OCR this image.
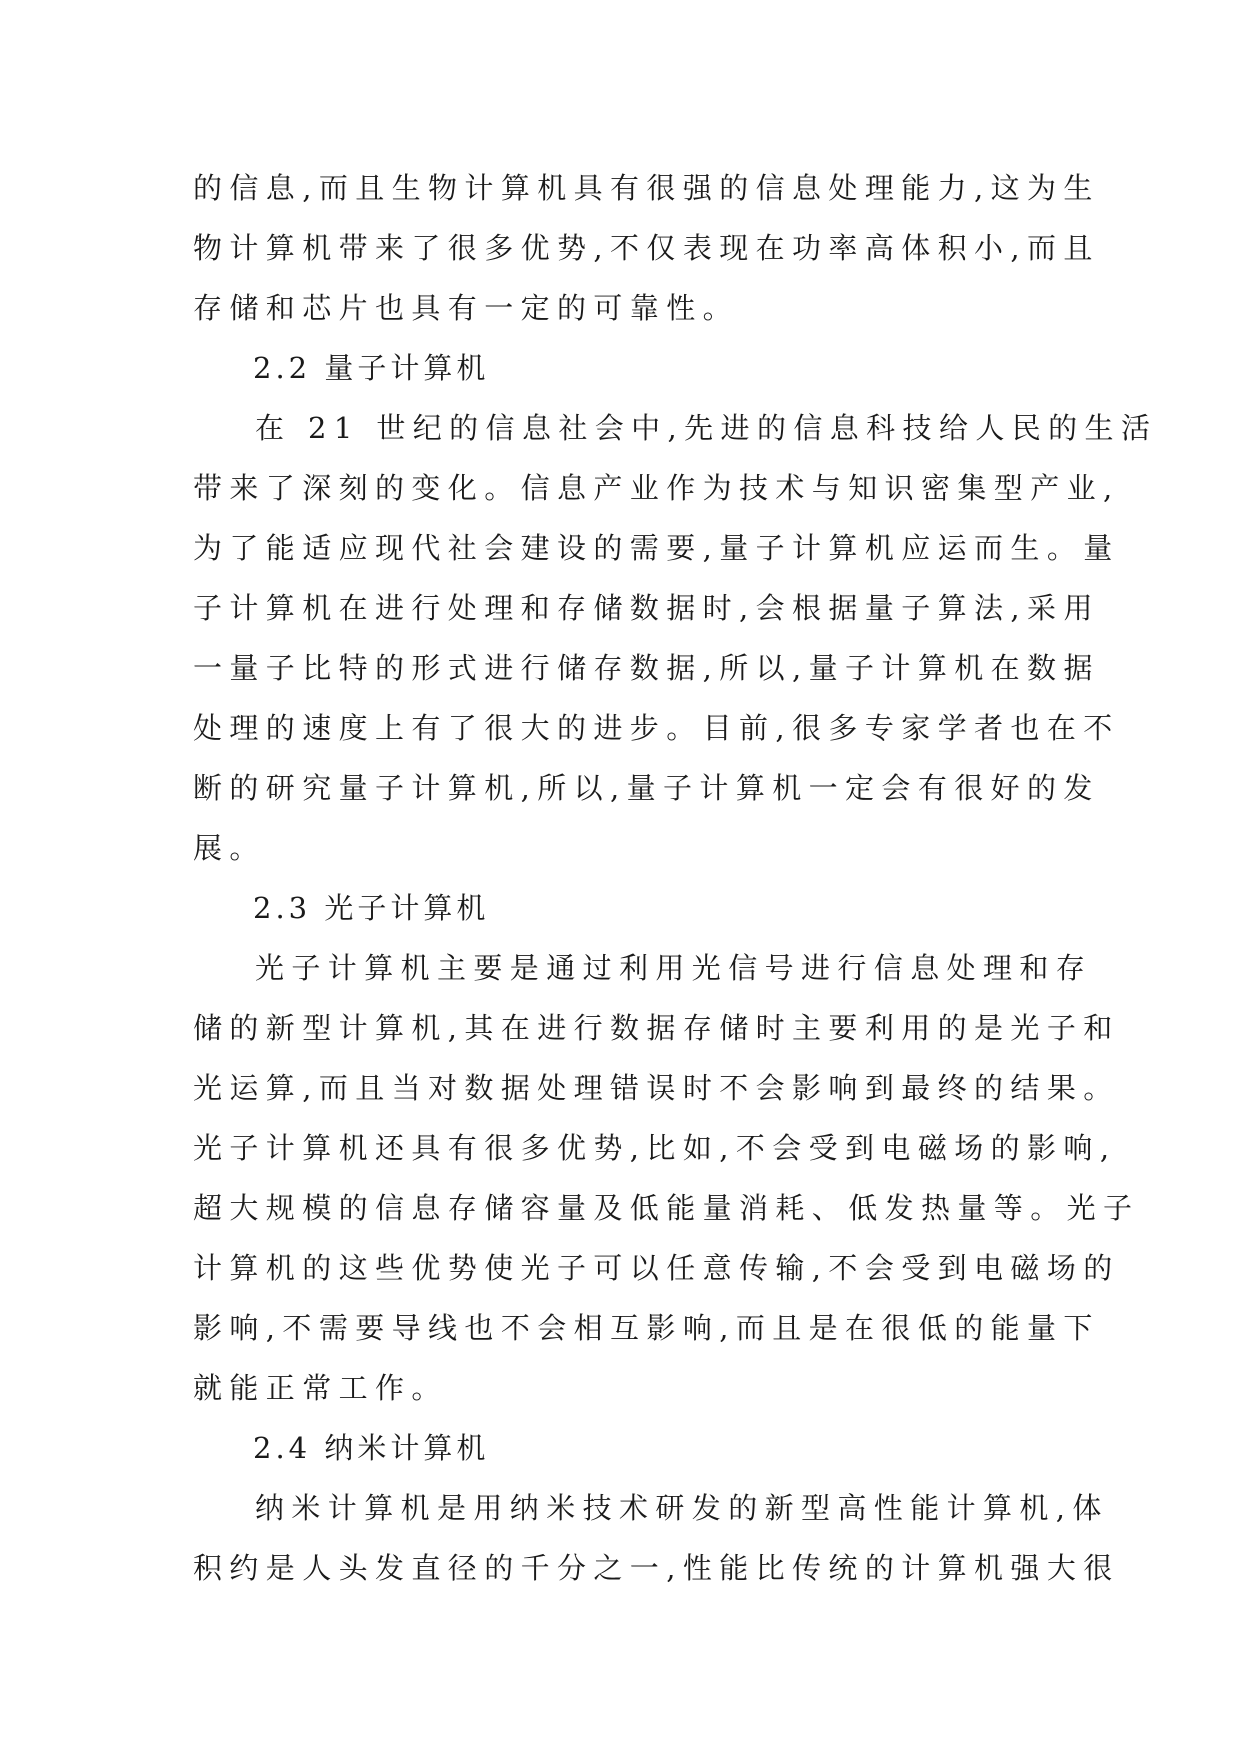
的信息,而且生物计算机具有很强的信息处理能力,这为生
物计算机带来了很多优势,不仅表现在功率高体积小,而且
存储和芯片也具有一定的可靠性。
2.2 量子计算机
在 21 世纪的信息社会中,先进的信息科技给人民的生活
带来了深刻的变化。信息产业作为技术与知识密集型产业,
为了能适应现代社会建设的需要,量子计算机应运而生。量
子计算机在进行处理和存储数据时,会根据量子算法,采用
一量子比特的形式进行储存数据,所以,量子计算机在数据
处理的速度上有了很大的进步。目前,很多专家学者也在不
断的研究量子计算机,所以,量子计算机一定会有很好的发
展。
2.3 光子计算机
光子计算机主要是通过利用光信号进行信息处理和存
储的新型计算机,其在进行数据存储时主要利用的是光子和
光运算,而且当对数据处理错误时不会影响到最终的结果。
光子计算机还具有很多优势,比如,不会受到电磁场的影响,
超大规模的信息存储容量及低能量消耗、低发热量等。光子
计算机的这些优势使光子可以任意传输,不会受到电磁场的
影响,不需要导线也不会相互影响,而且是在很低的能量下
就能正常工作。
2.4 纳米计算机
纳米计算机是用纳米技术研发的新型高性能计算机,体
积约是人头发直径的千分之一,性能比传统的计算机强大很
